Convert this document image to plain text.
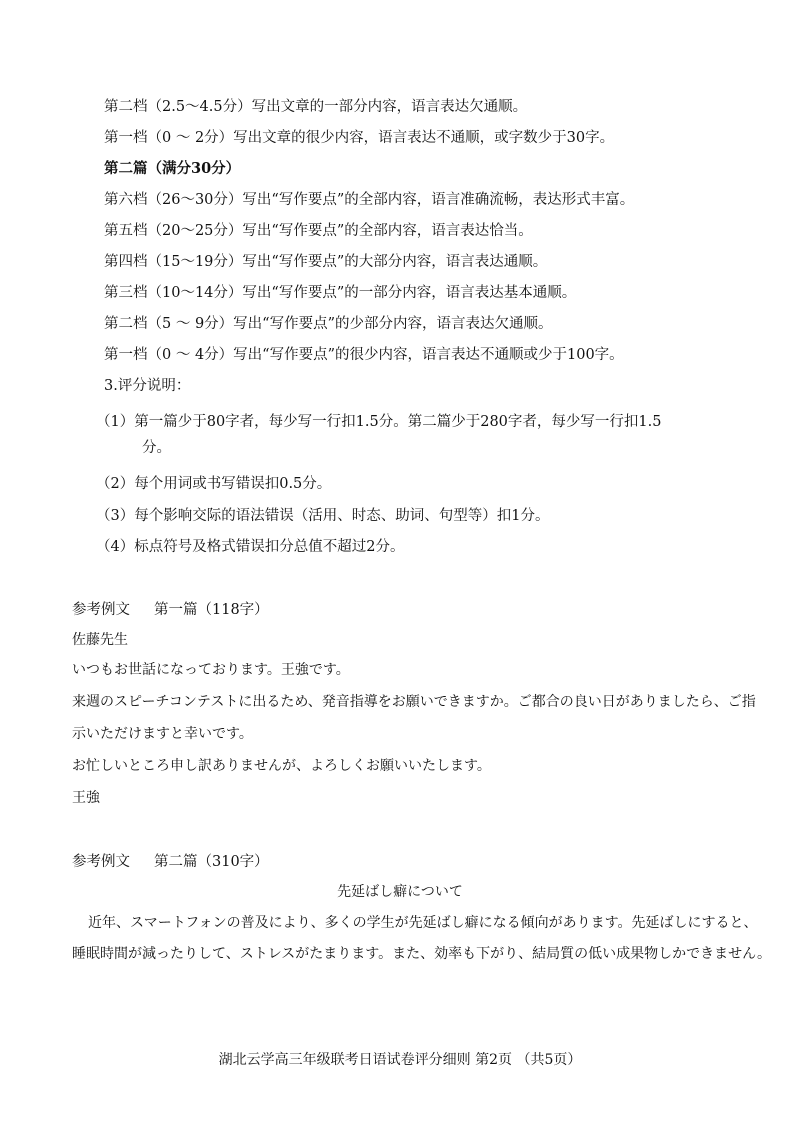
第二档（2.5～4.5分）写出文章的一部分内容，语言表达欠通顺。
第一档（0 ～ 2分）写出文章的很少内容，语言表达不通顺，或字数少于30字。
第二篇（满分30分）
第六档（26～30分）写出“写作要点”的全部内容，语言准确流畅，表达形式丰富。
第五档（20～25分）写出“写作要点”的全部内容，语言表达恰当。
第四档（15～19分）写出“写作要点”的大部分内容，语言表达通顺。
第三档（10～14分）写出“写作要点”的一部分内容，语言表达基本通顺。
第二档（5 ～ 9分）写出“写作要点”的少部分内容，语言表达欠通顺。
第一档（0 ～ 4分）写出“写作要点”的很少内容，语言表达不通顺或少于100字。
3.评分说明：
（1）第一篇少于80字者，每少写一行扣1.5分。第二篇少于280字者，每少写一行扣1.5
分。
（2）每个用词或书写错误扣0.5分。
（3）每个影响交际的语法错误（活用、时态、助词、句型等）扣1分。
（4）标点符号及格式错误扣分总值不超过2分。
参考例文 第一篇（118字）
佐藤先生
いつもお世話になっております。王強です。
来週のスピーチコンテストに出るため、発音指導をお願いできますか。ご都合の良い日がありましたら、ご指
示いただけますと幸いです。
お忙しいところ申し訳ありませんが、よろしくお願いいたします。
王強
参考例文 第二篇（310字）
先延ばし癖について
近年、スマートフォンの普及により、多くの学生が先延ばし癖になる傾向があります。先延ばしにすると、
睡眠時間が減ったりして、ストレスがたまります。また、効率も下がり、結局質の低い成果物しかできません。
湖北云学高三年级联考日语试卷评分细则 第2页 （共5页）
